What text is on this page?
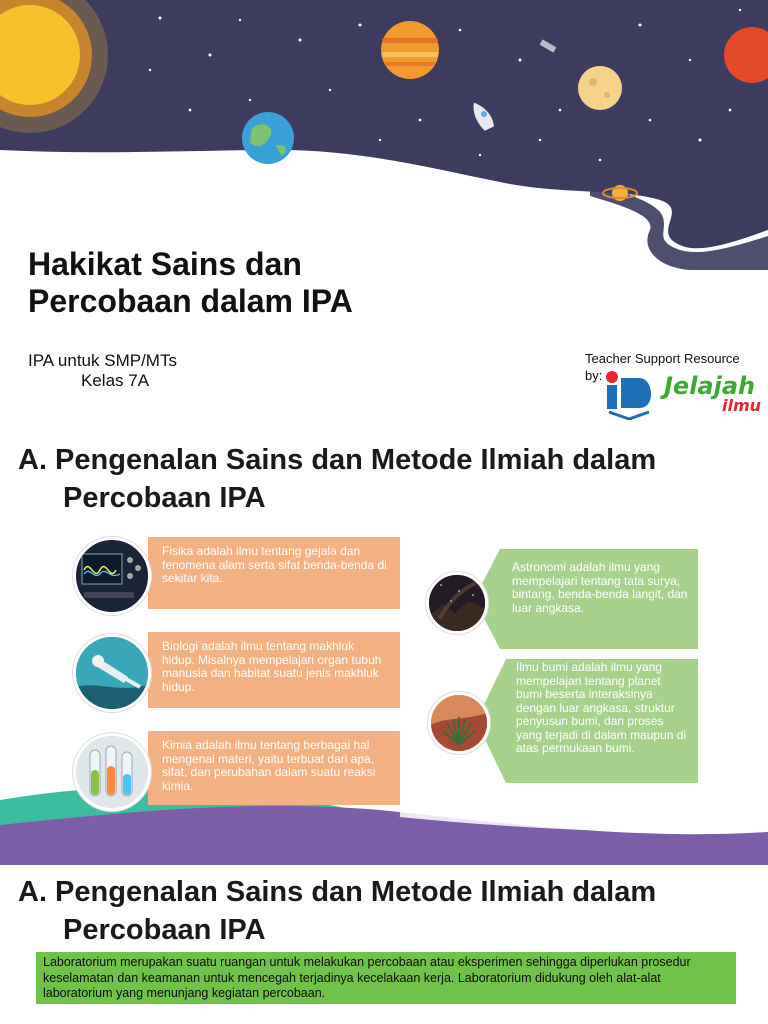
Hakikat Sains dan
Percobaan dalam IPA
IPA untuk SMP/MTs
Kelas 7A
Teacher Support Resource
by:	Jelajah
ilmu
A. Pengenalan Sains dan Metode Ilmiah dalam
Percobaan IPA
Fisika adalah ilmu tentang gejala dan fenomena alam serta sifat benda-benda di sekitar kita.
Biologi adalah ilmu tentang makhluk hidup. Misalnya mempelajari organ tubuh manusia dan habitat suatu jenis makhluk hidup.
Kimia adalah ilmu tentang berbagai hal mengenai materi, yaitu terbuat dari apa, sifat, dan perubahan dalam suatu reaksi kimia.
Astronomi adalah ilmu yang mempelajari tentang tata surya, bintang, benda-benda langit, dan luar angkasa.
Ilmu bumi adalah ilmu yang mempelajari tentang planet bumi beserta interaksinya dengan luar angkasa, struktur penyusun bumi, dan proses yang terjadi di dalam maupun di atas permukaan bumi.
A. Pengenalan Sains dan Metode Ilmiah dalam
Percobaan IPA
Laboratorium merupakan suatu ruangan untuk melakukan percobaan atau eksperimen sehingga diperlukan prosedur keselamatan dan keamanan untuk mencegah terjadinya kecelakaan kerja. Laboratorium didukung oleh alat-alat laboratorium yang menunjang kegiatan percobaan.
